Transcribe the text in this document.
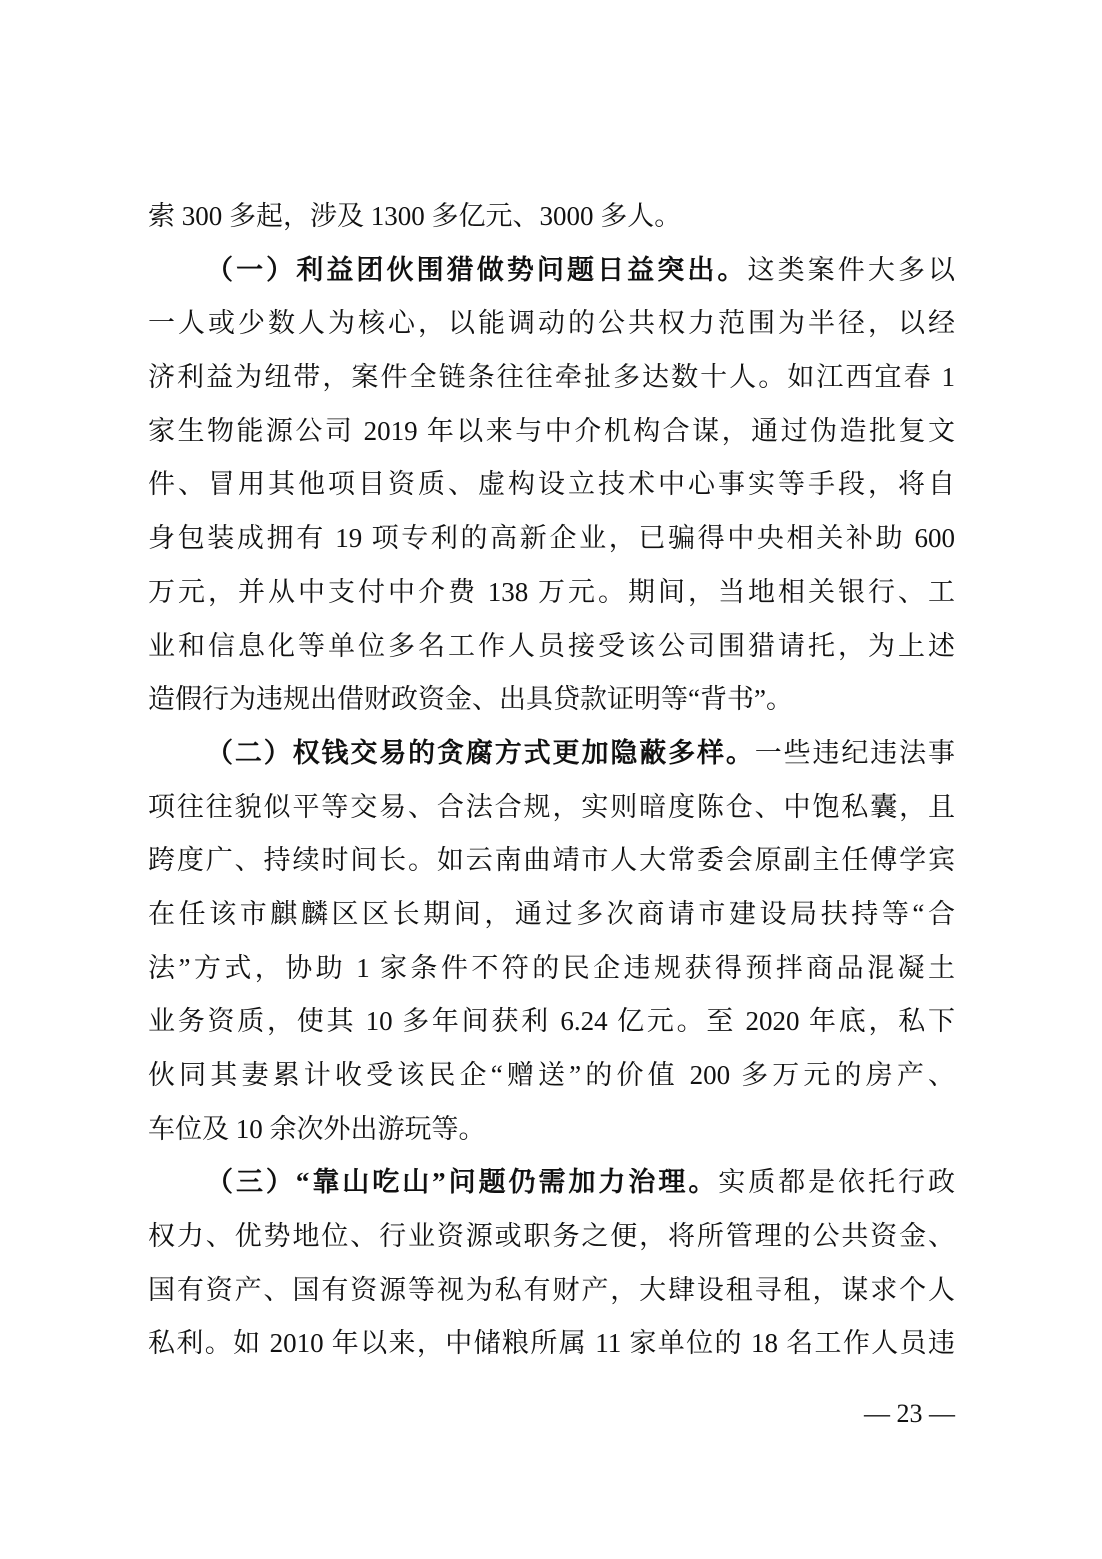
索 300 多起，涉及 1300 多亿元、3000 多人。
（一）利益团伙围猎做势问题日益突出。这类案件大多以
一人或少数人为核心，以能调动的公共权力范围为半径，以经
济利益为纽带，案件全链条往往牵扯多达数十人。如江西宜春 1
家生物能源公司 2019 年以来与中介机构合谋，通过伪造批复文
件、冒用其他项目资质、虚构设立技术中心事实等手段，将自
身包装成拥有 19 项专利的高新企业，已骗得中央相关补助 600
万元，并从中支付中介费 138 万元。期间，当地相关银行、工
业和信息化等单位多名工作人员接受该公司围猎请托，为上述
造假行为违规出借财政资金、出具贷款证明等“背书”。
（二）权钱交易的贪腐方式更加隐蔽多样。一些违纪违法事
项往往貌似平等交易、合法合规，实则暗度陈仓、中饱私囊，且
跨度广、持续时间长。如云南曲靖市人大常委会原副主任傅学宾
在任该市麒麟区区长期间，通过多次商请市建设局扶持等“合
法”方式，协助 1 家条件不符的民企违规获得预拌商品混凝土
业务资质，使其 10 多年间获利 6.24 亿元。至 2020 年底，私下
伙同其妻累计收受该民企“赠送”的价值 200 多万元的房产、
车位及 10 余次外出游玩等。
（三）“靠山吃山”问题仍需加力治理。实质都是依托行政
权力、优势地位、行业资源或职务之便，将所管理的公共资金、
国有资产、国有资源等视为私有财产，大肆设租寻租，谋求个人
私利。如 2010 年以来，中储粮所属 11 家单位的 18 名工作人员违
— 23 —
